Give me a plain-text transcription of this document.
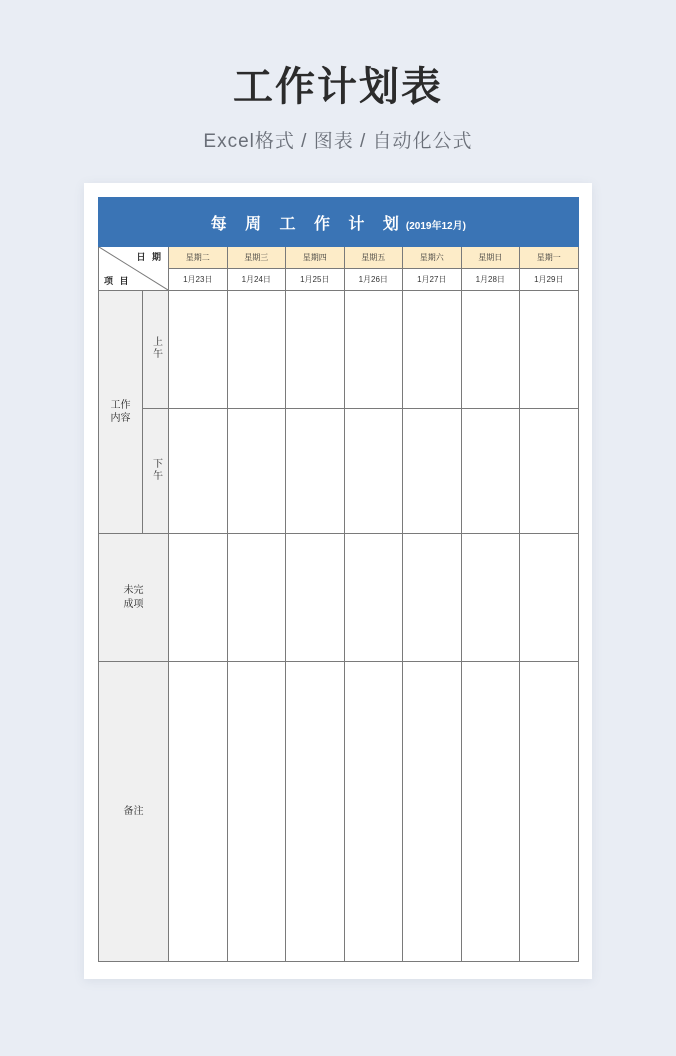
工作计划表
Excel格式 / 图表 / 自动化公式
每 周 工 作 计 划(2019年12月)								

日 期
项 目		星期二	星期三	星期四	星期五	星期六	星期日	星期一
		1月23日	1月24日	1月25日	1月26日	1月27日	1月28日	1月29日
工作
内容	上午							
	下午							
未完
成项								
备注								
